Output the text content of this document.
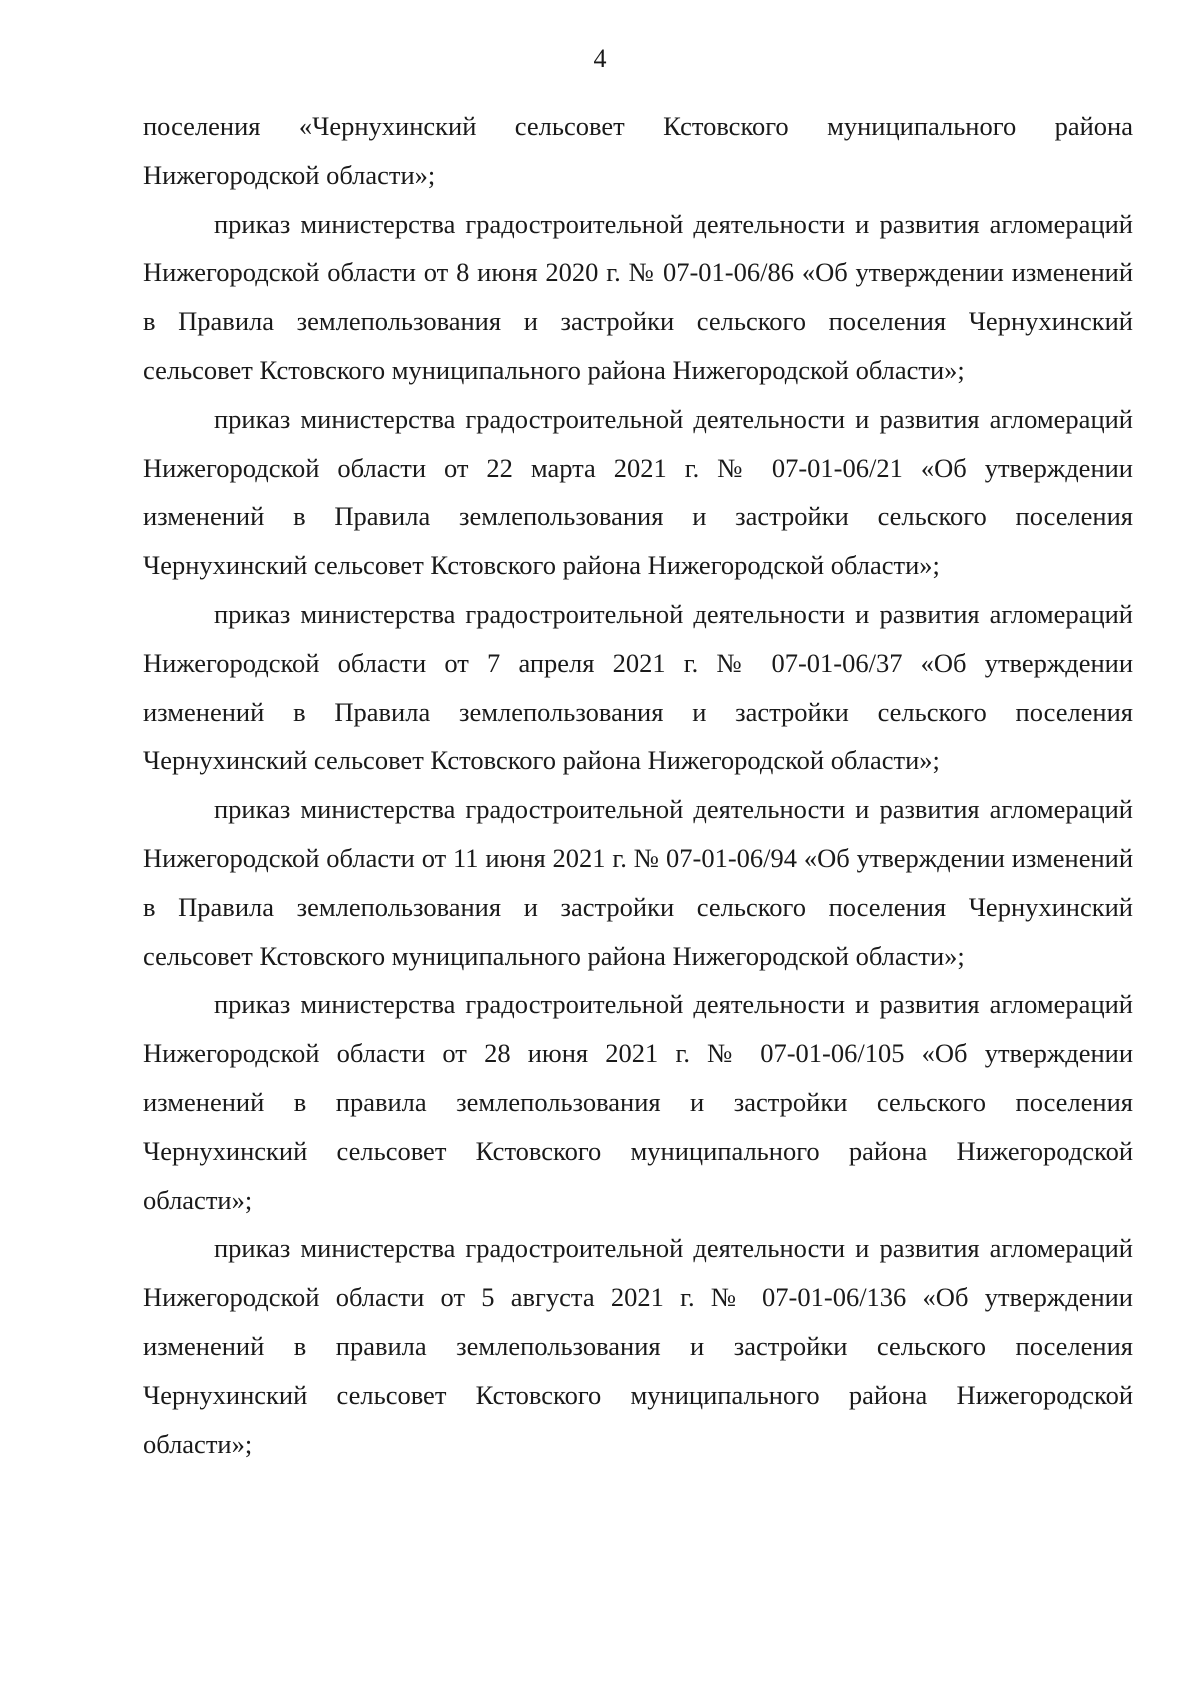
4

поселения «Чернухинский сельсовет Кстовского муниципального района Нижегородской области»;

приказ министерства градостроительной деятельности и развития агломераций Нижегородской области от 8 июня 2020 г. № 07-01-06/86 «Об утверждении изменений в Правила землепользования и застройки сельского поселения Чернухинский сельсовет Кстовского муниципального района Нижегородской области»;

приказ министерства градостроительной деятельности и развития агломераций Нижегородской области от 22 марта 2021 г. № 07-01-06/21 «Об утверждении изменений в Правила землепользования и застройки сельского поселения Чернухинский сельсовет Кстовского района Нижегородской области»;

приказ министерства градостроительной деятельности и развития агломераций Нижегородской области от 7 апреля 2021 г. № 07-01-06/37 «Об утверждении изменений в Правила землепользования и застройки сельского поселения Чернухинский сельсовет Кстовского района Нижегородской области»;

приказ министерства градостроительной деятельности и развития агломераций Нижегородской области от 11 июня 2021 г. № 07-01-06/94 «Об утверждении изменений в Правила землепользования и застройки сельского поселения Чернухинский сельсовет Кстовского муниципального района Нижегородской области»;

приказ министерства градостроительной деятельности и развития агломераций Нижегородской области от 28 июня 2021 г. № 07-01-06/105 «Об утверждении изменений в правила землепользования и застройки сельского поселения Чернухинский сельсовет Кстовского муниципального района Нижегородской области»;

приказ министерства градостроительной деятельности и развития агломераций Нижегородской области от 5 августа 2021 г. № 07-01-06/136 «Об утверждении изменений в правила землепользования и застройки сельского поселения Чернухинский сельсовет Кстовского муниципального района Нижегородской области»;
